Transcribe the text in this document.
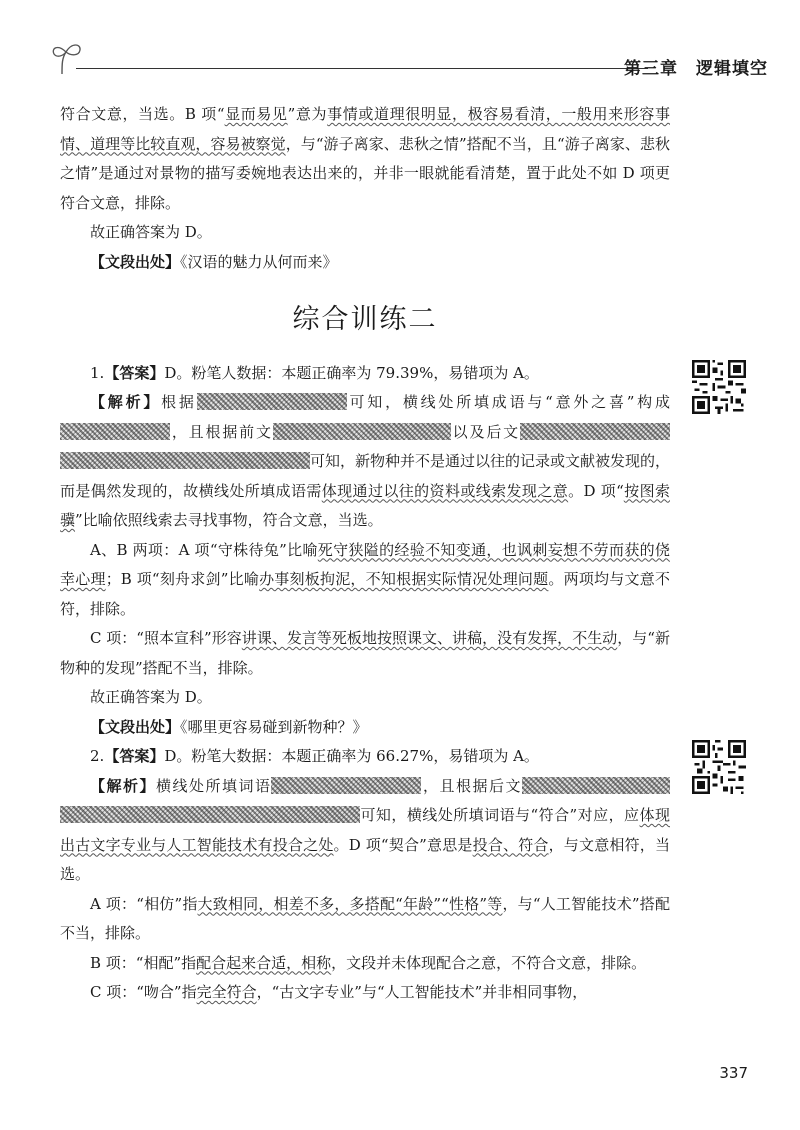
第三章 逻辑填空

符合文意，当选。B 项“显而易见”意为事情或道理很明显，极容易看清，一般用来形容事情、道理等比较直观，容易被察觉，与“游子离家、悲秋之情”搭配不当，且“游子离家、悲秋之情”是通过对景物的描写委婉地表达出来的，并非一眼就能看清楚，置于此处不如 D 项更符合文意，排除。

故正确答案为 D。

【文段出处】《汉语的魅力从何而来》

综合训练二

1.【答案】D。粉笔人数据：本题正确率为 79.39%，易错项为 A。

【解析】根据	可知，横线处所填成语与“意外之喜”构成，且根据前文	以及后文可知，新物种并不是通过以往的记录或文献被发现的，而是偶然发现的，故横线处所填成语需体现通过以往的资料或线索发现之意。D 项“按图索骥”比喻依照线索去寻找事物，符合文意，当选。

A、B 两项：A 项“守株待兔”比喻死守狭隘的经验不知变通，也讽刺妄想不劳而获的侥幸心理；B 项“刻舟求剑”比喻办事刻板拘泥，不知根据实际情况处理问题。两项均与文意不符，排除。

C 项：“照本宣科”形容讲课、发言等死板地按照课文、讲稿，没有发挥，不生动，与“新物种的发现”搭配不当，排除。

故正确答案为 D。

【文段出处】《哪里更容易碰到新物种？》

2.【答案】D。粉笔大数据：本题正确率为 66.27%，易错项为 A。

【解析】横线处所填词语	，且根据后文可知，横线处所填词语与“符合”对应，应体现出古文字专业与人工智能技术有投合之处。D 项“契合”意思是投合、符合，与文意相符，当选。

A 项：“相仿”指大致相同，相差不多，多搭配“年龄”“性格”等，与“人工智能技术”搭配不当，排除。

B 项：“相配”指配合起来合适，相称，文段并未体现配合之意，不符合文意，排除。

C 项：“吻合”指完全符合，“古文字专业”与“人工智能技术”并非相同事物，

337
